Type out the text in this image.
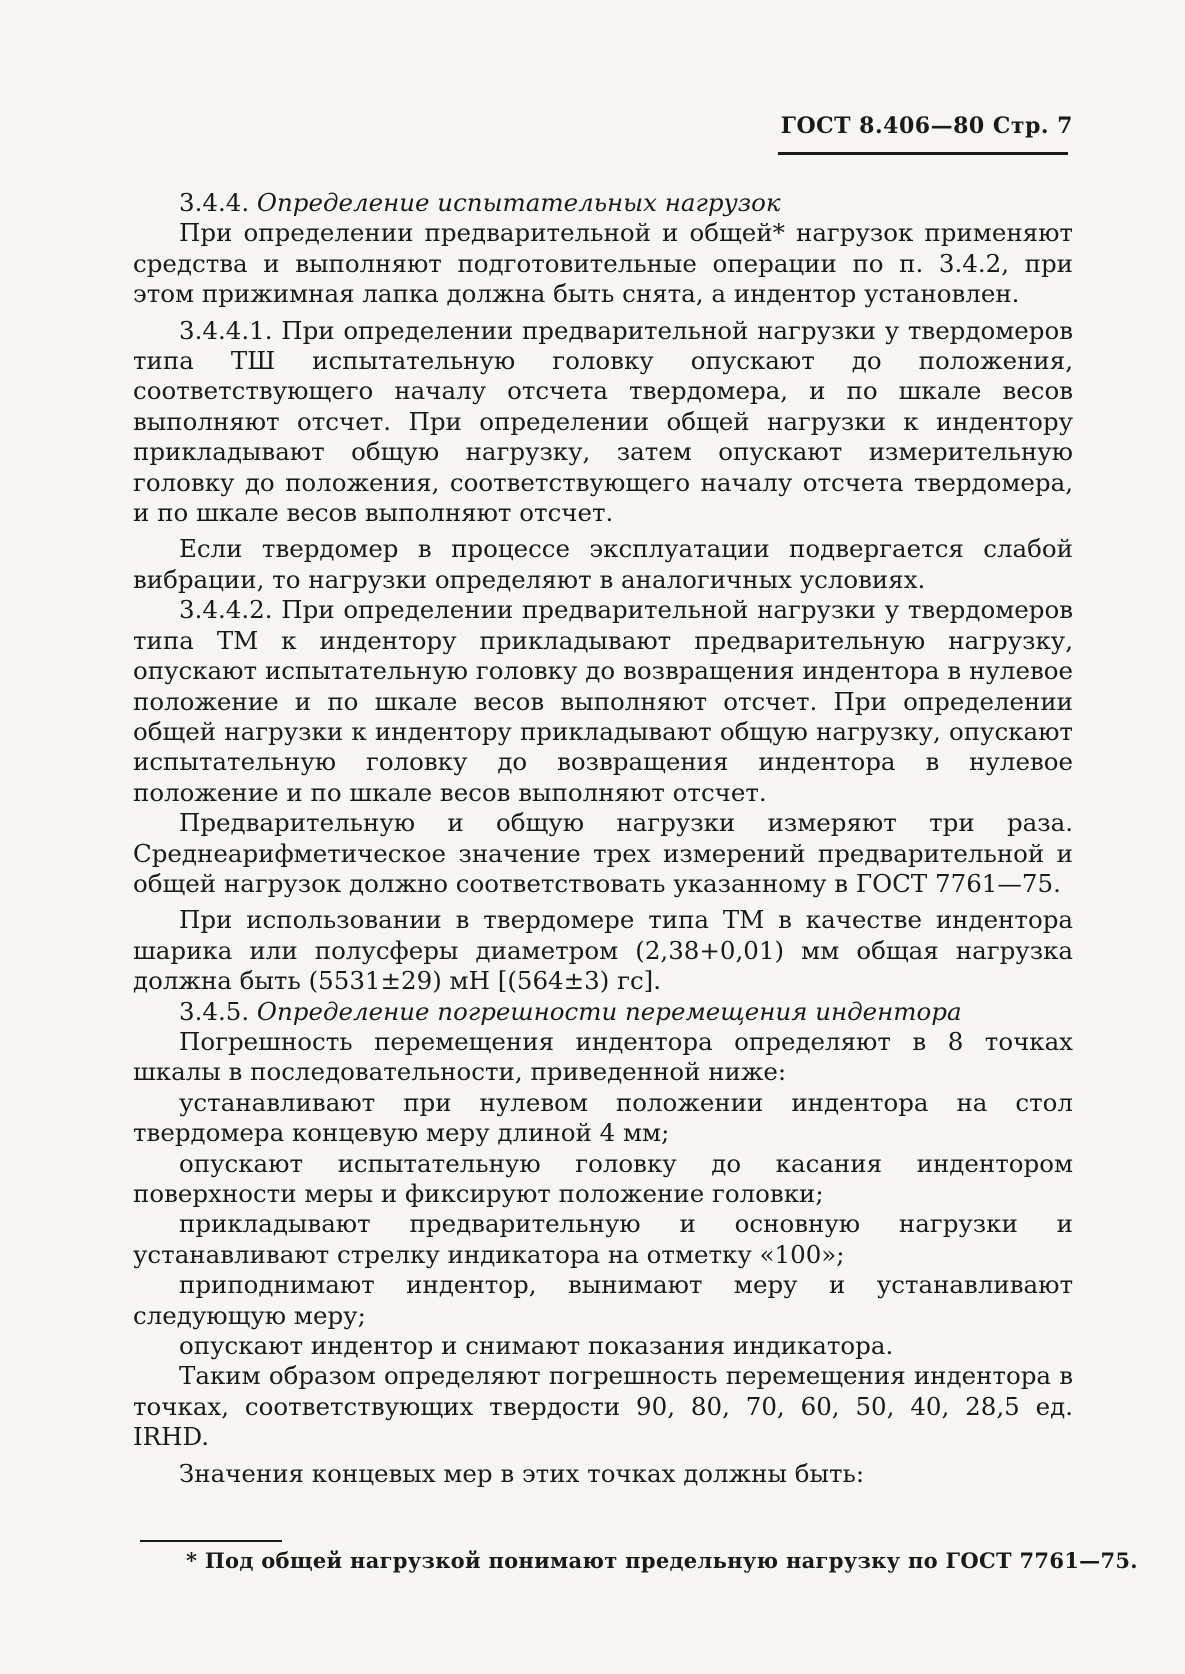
ГОСТ 8.406—80 Стр. 7

3.4.4. Определение испытательных нагрузок

При определении предварительной и общей* нагрузок применяют средства и выполняют подготовительные операции по п. 3.4.2, при этом прижимная лапка должна быть снята, а индентор установлен.

3.4.4.1. При определении предварительной нагрузки у твердомеров типа ТШ испытательную головку опускают до положения, соответствующего началу отсчета твердомера, и по шкале весов выполняют отсчет. При определении общей нагрузки к индентору прикладывают общую нагрузку, затем опускают измерительную головку до положения, соответствующего началу отсчета твердомера, и по шкале весов выполняют отсчет.

Если твердомер в процессе эксплуатации подвергается слабой вибрации, то нагрузки определяют в аналогичных условиях.

3.4.4.2. При определении предварительной нагрузки у твердомеров типа ТМ к индентору прикладывают предварительную нагрузку, опускают испытательную головку до возвращения индентора в нулевое положение и по шкале весов выполняют отсчет. При определении общей нагрузки к индентору прикладывают общую нагрузку, опускают испытательную головку до возвращения индентора в нулевое положение и по шкале весов выполняют отсчет.

Предварительную и общую нагрузки измеряют три раза. Среднеарифметическое значение трех измерений предварительной и общей нагрузок должно соответствовать указанному в ГОСТ 7761—75.

При использовании в твердомере типа ТМ в качестве индентора шарика или полусферы диаметром (2,38+0,01) мм общая нагрузка должна быть (5531±29) мН [(564±3) гс].

3.4.5. Определение погрешности перемещения индентора

Погрешность перемещения индентора определяют в 8 точках шкалы в последовательности, приведенной ниже:

устанавливают при нулевом положении индентора на стол твердомера концевую меру длиной 4 мм;

опускают испытательную головку до касания индентором поверхности меры и фиксируют положение головки;

прикладывают предварительную и основную нагрузки и устанавливают стрелку индикатора на отметку «100»;

приподнимают индентор, вынимают меру и устанавливают следующую меру;

опускают индентор и снимают показания индикатора.

Таким образом определяют погрешность перемещения индентора в точках, соответствующих твердости 90, 80, 70, 60, 50, 40, 28,5 ед. IRHD.

Значения концевых мер в этих точках должны быть:

* Под общей нагрузкой понимают предельную нагрузку по ГОСТ 7761—75.
